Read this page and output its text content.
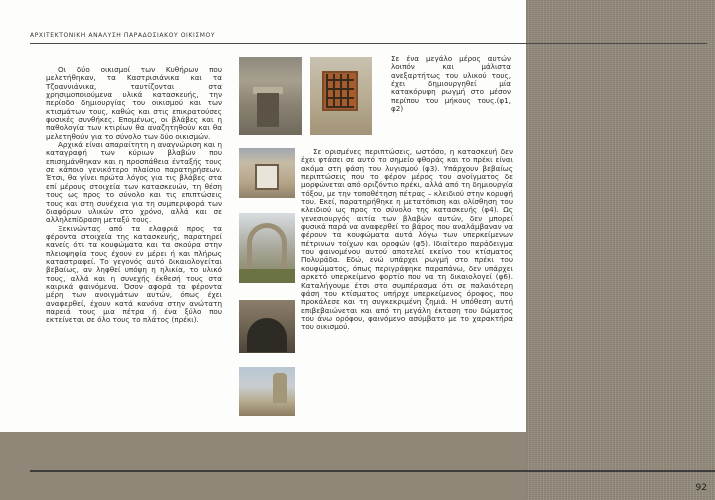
ΑΡΧΙΤΕΚΤΟΝΙΚΗ ΑΝΑΛΥΣΗ ΠΑΡΑΔΟΣΙΑΚΟΥ ΟΙΚΙΣΜΟΥ

Οι δύο οικισμοί των Κυθήρων που μελετήθηκαν, τα Καστρισιάνικα και τα Τζοαννιάνικα, ταυτίζονται στα χρησιμοποιούμενα υλικά κατασκευής, την περίοδο δημιουργίας του οικισμού και των κτισμάτων τους, καθώς και στις επικρατούσες φυσικές συνθήκες. Επομένως, οι βλάβες και η παθολογία των κτιρίων θα αναζητηθούν και θα μελετηθούν για το σύνολο των δύο οικισμών.

Αρχικά είναι απαραίτητη η αναγνώριση και η καταγραφή των κύριων βλαβών που επισημάνθηκαν και η προσπάθεια ένταξής τους σε κάποιο γενικότερο πλαίσιο παρατηρήσεων. Έτσι, θα γίνει πρώτα λόγος για τις βλάβες στα επί μέρους στοιχεία των κατασκευών, τη θέση τους ως προς το σύνολο και τις επιπτώσεις τους και στη συνέχεια για τη συμπεριφορά των διαφόρων υλικών στο χρόνο, αλλά και σε αλληλεπίδραση μεταξύ τους.

Ξεκινώντας από τα ελαφριά προς τα φέροντα στοιχεία της κατασκευής, παρατηρεί κανείς ότι τα κουφώματα και τα σκούρα στην πλειοψηφία τους έχουν εν μέρει ή και πλήρως καταστραφεί. Το γεγονός αυτό δικαιολογείται βεβαίως, αν ληφθεί υπόψη η ηλικία, το υλικό τους, αλλά και η συνεχής έκθεσή τους στα καιρικά φαινόμενα. Όσον αφορά τα φέροντα μέρη των ανοιγμάτων αυτών, όπως έχει αναφερθεί, έχουν κατά κανόνα στην ανώτατη παρειά τους μια πέτρα ή ένα ξύλο που εκτείνεται σε όλο τους το πλάτος (πρέκι).

Σε ένα μεγάλο μέρος αυτών λοιπόν και μάλιστα ανεξαρτήτως του υλικού τους, έχει δημιουργηθεί μία κατακόρυφη ρωγμή στο μέσον περίπου του μήκους τους.(φ1, φ2)

Σε ορισμένες περιπτώσεις, ωστόσο, η κατασκευή δεν έχει φτάσει σε αυτό το σημείο φθοράς και το πρέκι είναι ακόμα στη φάση του λυγισμού (φ3). Υπάρχουν βεβαίως περιπτώσεις που το φέρον μέρος του ανοίγματος δε μορφώνεται από οριζόντιο πρέκι, αλλά από τη δημιουργία τόξου, με την τοποθέτηση πέτρας – κλειδιού στην κορυφή του. Εκεί, παρατηρήθηκε η μετατόπιση και ολίσθηση του κλειδιού ως προς το σύνολο της κατασκευής (φ4). Ως γενεσιουργός αιτία των βλαβών αυτών, δεν μπορεί φυσικά παρά να αναφερθεί το βάρος που αναλάμβαναν να φέρουν τα κουφώματα αυτά λόγω των υπερκείμενων πέτρινων τοίχων και οροφών (φ5). Ιδιαίτερο παράδειγμα του φαινομένου αυτού αποτελεί εκείνο του κτίσματος Πολυράδα. Εδώ, ενώ υπάρχει ρωγμή στο πρέκι του κουφώματος, όπως περιγράφηκε παραπάνω, δεν υπάρχει αρκετό υπερκείμενο φορτίο που να τη δικαιολογεί (φ6). Καταλήγουμε έτσι στο συμπέρασμα ότι σε παλαιότερη φάση του κτίσματος υπήρχε υπερκείμενος όροφος, που προκάλεσε και τη συγκεκριμένη ζημιά. Η υπόθεση αυτή επιβεβαιώνεται και από τη μεγάλη έκταση του δώματος του άνω ορόφου, φαινόμενο ασύμβατο με το χαρακτήρα του οικισμού.

92
